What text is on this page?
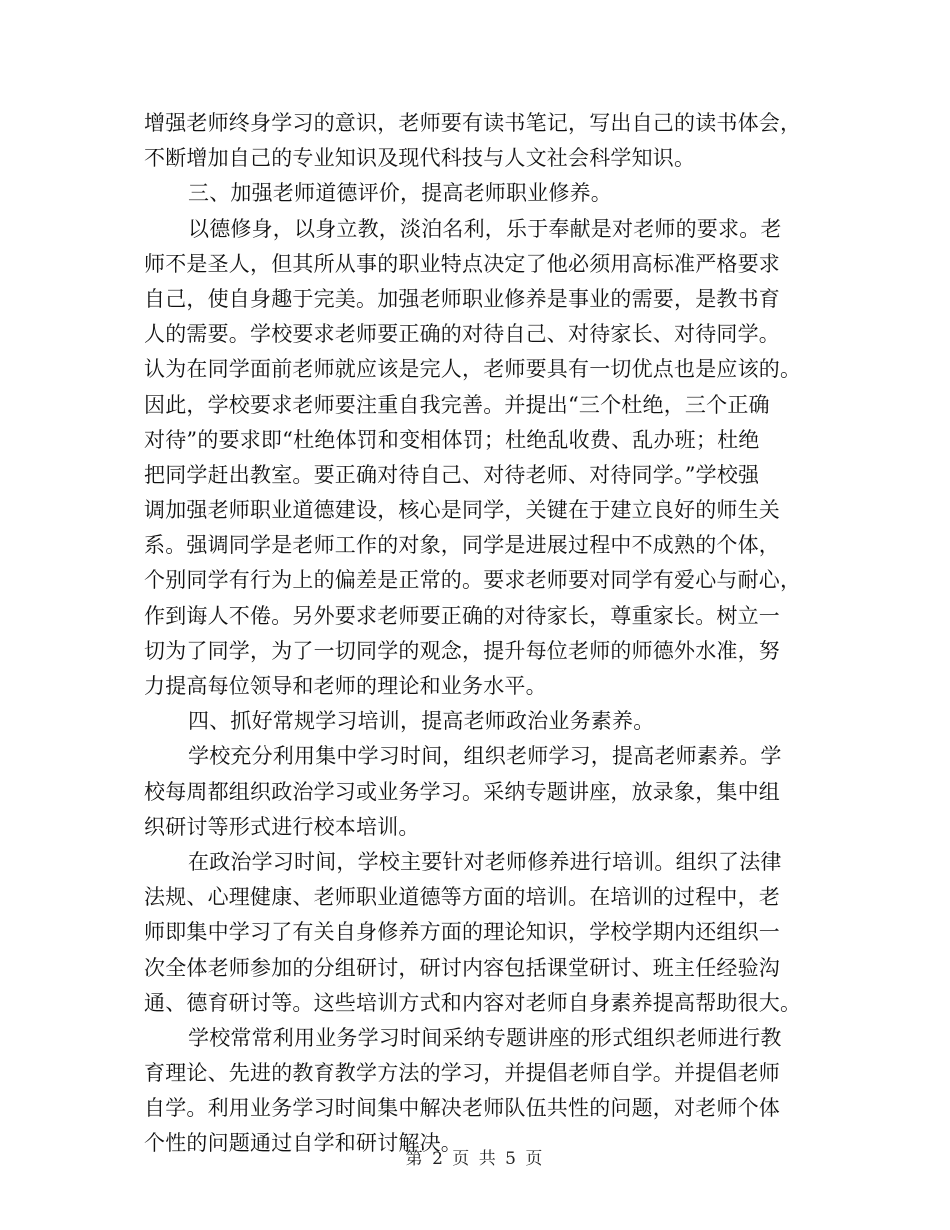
增强老师终身学习的意识，老师要有读书笔记，写出自己的读书体会，
不断增加自己的专业知识及现代科技与人文社会科学知识。
三、加强老师道德评价，提高老师职业修养。
以德修身，以身立教，淡泊名利，乐于奉献是对老师的要求。老
师不是圣人，但其所从事的职业特点决定了他必须用高标准严格要求
自己，使自身趣于完美。加强老师职业修养是事业的需要，是教书育
人的需要。学校要求老师要正确的对待自己、对待家长、对待同学。
认为在同学面前老师就应该是完人，老师要具有一切优点也是应该的。
因此，学校要求老师要注重自我完善。并提出“三个杜绝，三个正确
对待”的要求即“杜绝体罚和变相体罚；杜绝乱收费、乱办班；杜绝
把同学赶出教室。要正确对待自己、对待老师、对待同学。”学校强
调加强老师职业道德建设，核心是同学，关键在于建立良好的师生关
系。强调同学是老师工作的对象，同学是进展过程中不成熟的个体，
个别同学有行为上的偏差是正常的。要求老师要对同学有爱心与耐心，
作到诲人不倦。另外要求老师要正确的对待家长，尊重家长。树立一
切为了同学，为了一切同学的观念，提升每位老师的师德外水准，努
力提高每位领导和老师的理论和业务水平。
四、抓好常规学习培训，提高老师政治业务素养。
学校充分利用集中学习时间，组织老师学习，提高老师素养。学
校每周都组织政治学习或业务学习。采纳专题讲座，放录象，集中组
织研讨等形式进行校本培训。
在政治学习时间，学校主要针对老师修养进行培训。组织了法律
法规、心理健康、老师职业道德等方面的培训。在培训的过程中，老
师即集中学习了有关自身修养方面的理论知识，学校学期内还组织一
次全体老师参加的分组研讨，研讨内容包括课堂研讨、班主任经验沟
通、德育研讨等。这些培训方式和内容对老师自身素养提高帮助很大。
学校常常利用业务学习时间采纳专题讲座的形式组织老师进行教
育理论、先进的教育教学方法的学习，并提倡老师自学。并提倡老师
自学。利用业务学习时间集中解决老师队伍共性的问题，对老师个体
个性的问题通过自学和研讨解决。
第 2 页 共 5 页
